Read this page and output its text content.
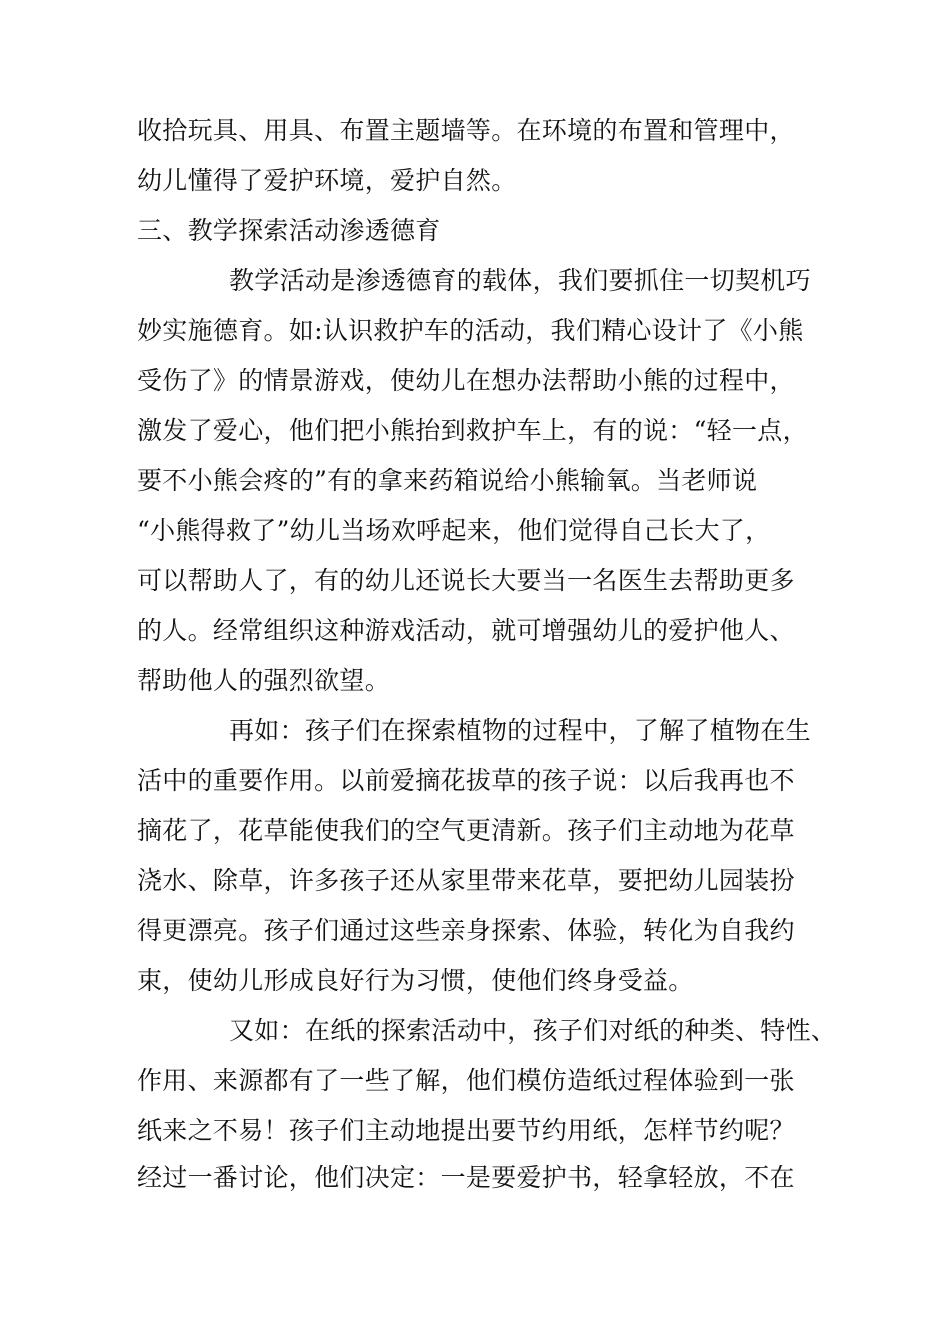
收拾玩具、用具、布置主题墙等。在环境的布置和管理中，
幼儿懂得了爱护环境，爱护自然。
三、教学探索活动渗透德育
教学活动是渗透德育的载体，我们要抓住一切契机巧
妙实施德育。如:认识救护车的活动，我们精心设计了《小熊
受伤了》的情景游戏，使幼儿在想办法帮助小熊的过程中，
激发了爱心，他们把小熊抬到救护车上，有的说：“轻一点，
要不小熊会疼的”有的拿来药箱说给小熊输氧。当老师说
“小熊得救了”幼儿当场欢呼起来，他们觉得自己长大了，
可以帮助人了，有的幼儿还说长大要当一名医生去帮助更多
的人。经常组织这种游戏活动，就可增强幼儿的爱护他人、
帮助他人的强烈欲望。
再如：孩子们在探索植物的过程中，了解了植物在生
活中的重要作用。以前爱摘花拔草的孩子说：以后我再也不
摘花了，花草能使我们的空气更清新。孩子们主动地为花草
浇水、除草，许多孩子还从家里带来花草，要把幼儿园装扮
得更漂亮。孩子们通过这些亲身探索、体验，转化为自我约
束，使幼儿形成良好行为习惯，使他们终身受益。
又如：在纸的探索活动中，孩子们对纸的种类、特性、
作用、来源都有了一些了解，他们模仿造纸过程体验到一张
纸来之不易！孩子们主动地提出要节约用纸，怎样节约呢？
经过一番讨论，他们决定：一是要爱护书，轻拿轻放，不在
